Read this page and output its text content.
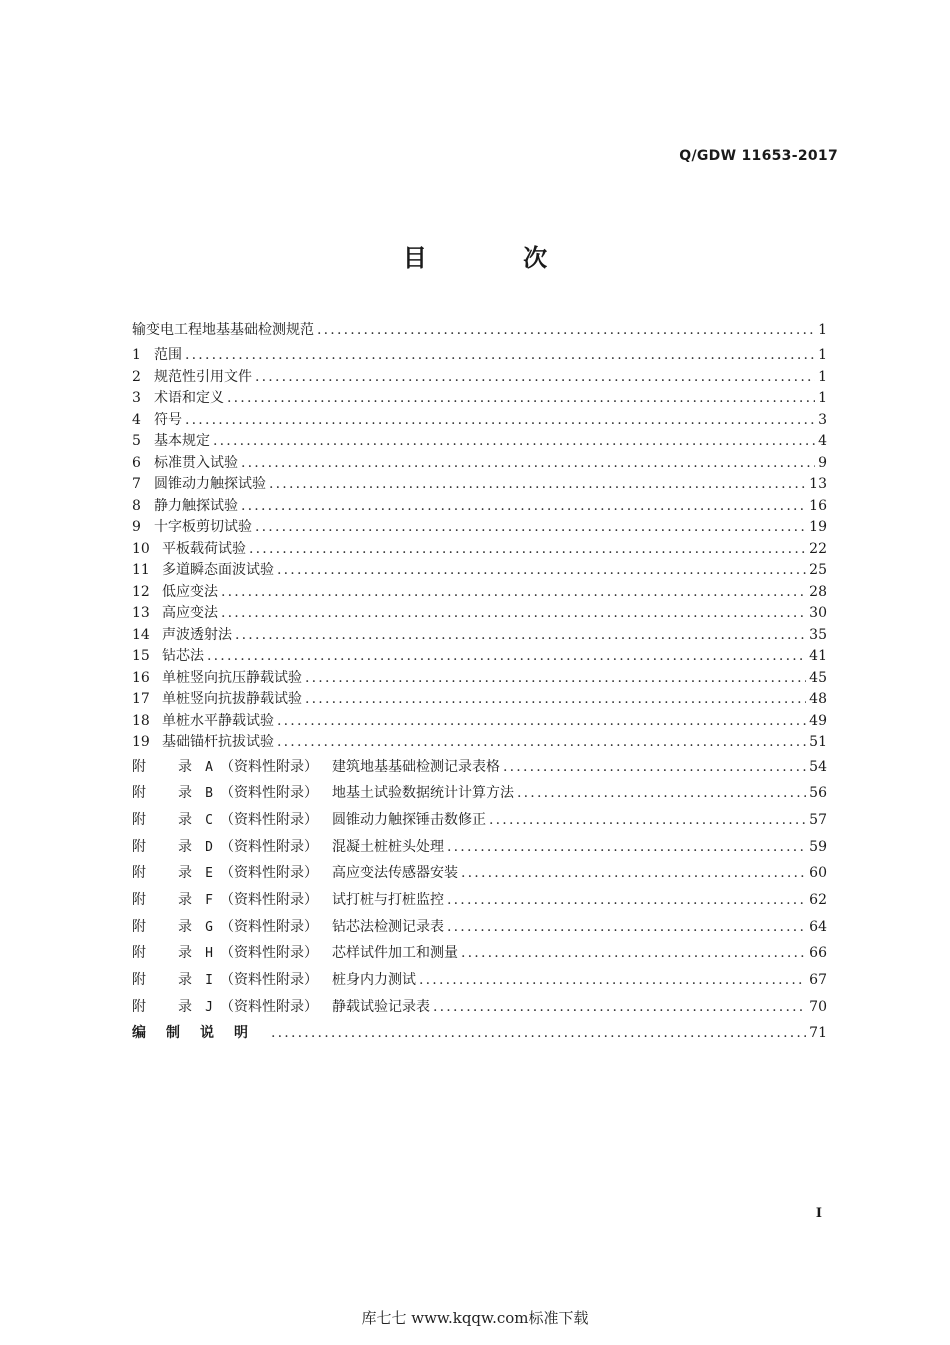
Q/GDW 11653-2017
目 次
输变电工程地基基础检测规范 .....	1
1 范围 .....	1
2 规范性引用文件 .....	1
3 术语和定义 .....	1
4 符号 .....	3
5 基本规定 .....	4
6 标准贯入试验 .....	9
7 圆锥动力触探试验 .....	13
8 静力触探试验 .....	16
9 十字板剪切试验 .....	19
10 平板载荷试验 .....	22
11 多道瞬态面波试验 .....	25
12 低应变法 .....	28
13 高应变法 .....	30
14 声波透射法 .....	35
15 钻芯法 .....	41
16 单桩竖向抗压静载试验 .....	45
17 单桩竖向抗拔静载试验 .....	48
18 单桩水平静载试验 .....	49
19 基础锚杆抗拔试验 .....	51
附 录	A （资料性附录）	建筑地基基础检测记录表格 .....	54
附 录	B （资料性附录）	地基土试验数据统计计算方法 .....	56
附 录	C （资料性附录）	圆锥动力触探锤击数修正 .....	57
附 录	D （资料性附录）	混凝土桩桩头处理 .....	59
附 录	E （资料性附录）	高应变法传感器安装 .....	60
附 录	F （资料性附录）	试打桩与打桩监控 .....	62
附 录	G （资料性附录）	钻芯法检测记录表 .....	64
附 录	H （资料性附录）	芯样试件加工和测量 .....	66
附 录	I （资料性附录）	桩身内力测试 .....	67
附 录	J （资料性附录）	静载试验记录表 .....	70
编制说明 .....	71
I
库七七 www.kqqw.com标准下载
